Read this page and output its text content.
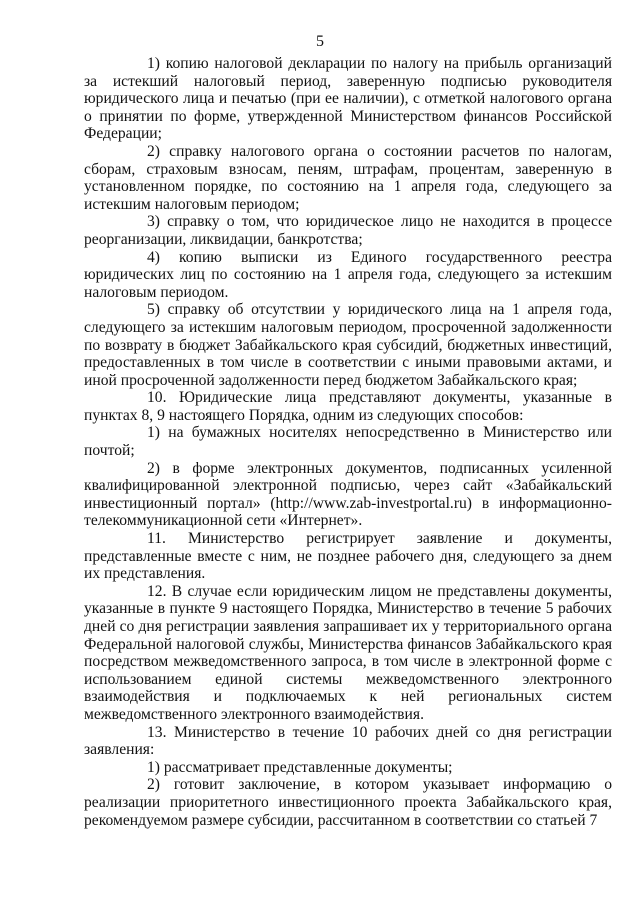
5

1) копию налоговой декларации по налогу на прибыль организаций за истекший налоговый период, заверенную подписью руководителя юридического лица и печатью (при ее наличии), с отметкой налогового органа о принятии по форме, утвержденной Министерством финансов Российской Федерации;

2) справку налогового органа о состоянии расчетов по налогам, сборам, страховым взносам, пеням, штрафам, процентам, заверенную в установленном порядке, по состоянию на 1 апреля года, следующего за истекшим налоговым периодом;

3) справку о том, что юридическое лицо не находится в процессе реорганизации, ликвидации, банкротства;

4) копию выписки из Единого государственного реестра юридических лиц по состоянию на 1 апреля года, следующего за истекшим налоговым периодом.

5) справку об отсутствии у юридического лица на 1 апреля года, следующего за истекшим налоговым периодом, просроченной задолженности по возврату в бюджет Забайкальского края субсидий, бюджетных инвестиций, предоставленных в том числе в соответствии с иными правовыми актами, и иной просроченной задолженности перед бюджетом Забайкальского края;

10. Юридические лица представляют документы, указанные в пунктах 8, 9 настоящего Порядка, одним из следующих способов:

1) на бумажных носителях непосредственно в Министерство или почтой;

2) в форме электронных документов, подписанных усиленной квалифицированной электронной подписью, через сайт «Забайкальский инвестиционный портал» (http://www.zab-investportal.ru) в информационно-телекоммуникационной сети «Интернет».

11. Министерство регистрирует заявление и документы, представленные вместе с ним, не позднее рабочего дня, следующего за днем их представления.

12. В случае если юридическим лицом не представлены документы, указанные в пункте 9 настоящего Порядка, Министерство в течение 5 рабочих дней со дня регистрации заявления запрашивает их у территориального органа Федеральной налоговой службы, Министерства финансов Забайкальского края посредством межведомственного запроса, в том числе в электронной форме с использованием единой системы межведомственного электронного взаимодействия и подключаемых к ней региональных систем межведомственного электронного взаимодействия.

13. Министерство в течение 10 рабочих дней со дня регистрации заявления:

1) рассматривает представленные документы;

2) готовит заключение, в котором указывает информацию о реализации приоритетного инвестиционного проекта Забайкальского края, рекомендуемом размере субсидии, рассчитанном в соответствии со статьей 7
